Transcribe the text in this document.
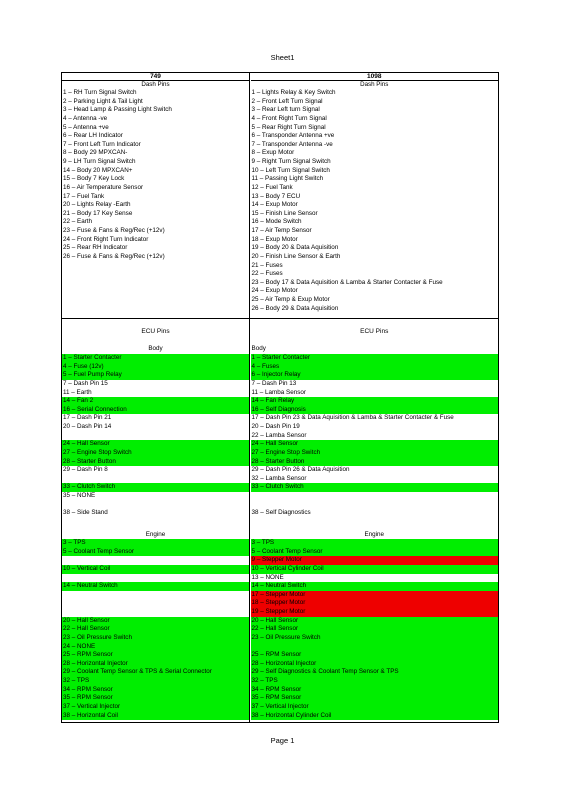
Sheet1
749
Dash Pins
1 – RH Turn Signal Switch
2 – Parking Light & Tail Light
3 – Head Lamp & Passing Light Switch
4 – Antenna -ve
5 – Antenna +ve
6 – Rear LH Indicator
7 – Front Left Turn Indicator
8 – Body 29 MPXCAN-
9 – LH Turn Signal Switch
14 – Body 20 MPXCAN+
15 – Body 7 Key Lock
16 – Air Temperature Sensor
17 – Fuel Tank
20 – Lights Relay -Earth
21 – Body 17 Key Sense
22 – Earth
23 – Fuse & Fans & Reg/Rec (+12v)
24 – Front Right Turn Indicator
25 – Rear RH Indicator
26 – Fuse & Fans & Reg/Rec (+12v)
ECU Pins
Body
1 – Starter Contacter
4 – Fuse (12v)
5 – Fuel Pump Relay
7 – Dash Pin 15
11 – Earth
14 – Fan 2
16 – Serial Connection
17 – Dash Pin 21
20 – Dash Pin 14

24 – Hall Sensor
27 – Engine Stop Switch
28 – Starter Button
29 – Dash Pin 8

33 – Clutch Switch
35 – NONE

38 – Side Stand
Engine
3 – TPS
5 – Coolant Temp Sensor

10 – Vertical Coil

14 – Neutral Switch

20 – Hall Sensor
22 – Hall Sensor
23 – Oil Pressure Switch
24 – NONE
25 – RPM Sensor
28 – Horizontal Injector
29 – Coolant Temp Sensor & TPS & Serial Connector
32 – TPS
34 – RPM Sensor
35 – RPM Sensor
37 – Vertical Injector
38 – Horizontal Coil
1098
Dash Pins
1 – Lights Relay & Key Switch
2 – Front Left Turn Signal
3 – Rear Left turn Signal
4 – Front Right Turn Signal
5 – Rear Right Turn Signal
6 – Transponder Antenna +ve
7 – Transponder Antenna -ve
8 – Exup Motor
9 – Right Turn Signal Switch
10 – Left Turn Signal Switch
11 – Passing Light Switch
12 – Fuel Tank
13 – Body 7 ECU
14 – Exup Motor
15 – Finish Line Sensor
16 – Mode Switch
17 – Air Temp Sensor
18 – Exup Motor
19 – Body 20 & Data Aquisition
20 – Finish Line Sensor & Earth
21 – Fuses
22 – Fuses
23 – Body 17 & Data Aquisition & Lamba & Starter Contacter & Fuse
24 – Exup Motor
25 – Air Temp & Exup Motor
26 – Body 29 & Data Aquisition
ECU Pins
Body
1 – Starter Contacter
4 – Fuses
6 – Injector Relay
7 – Dash Pin 13
11 – Lamba Sensor
14 – Fan Relay
16 – Self Diagnosis
17 – Dash Pin 23 & Data Aquisition & Lamba & Starter Contacter & Fuse
20 – Dash Pin 19
22 – Lamba Sensor
24 – Hall Sensor
27 – Engine Stop Switch
28 – Starter Button
29 – Dash Pin 26 & Data Aquisition
32 – Lamba Sensor
33 – Clutch Switch

38 – Self Diagnostics
Engine
3 – TPS
5 – Coolant Temp Sensor
9 – Stepper Motor
10 – Vertical Cylinder Coil
13 – NONE
14 – Neutral Switch
17 – Stepper Motor
18 – Stepper Motor
19 – Stepper Motor
20 – Hall Sensor
22 – Hall Sensor
23 – Oil Pressure Switch

25 – RPM Sensor
28 – Horizontal Injector
29 – Self Diagnostics & Coolant Temp Sensor & TPS
32 – TPS
34 – RPM Sensor
35 – RPM Sensor
37 – Vertical Injector
38 – Horizontal Cylinder Coil
Page 1
